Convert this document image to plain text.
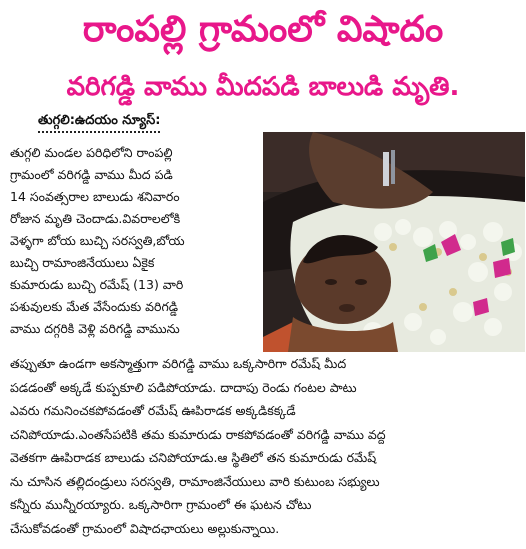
రాంపల్లి గ్రామంలో విషాదం
వరిగడ్డి వాము మీదపడి బాలుడి మృతి.
తుగ్గలి:ఉదయం న్యూస్:
తుగ్గలి మండల పరిధిలోని రాంపల్లి
గ్రామంలో వరిగడ్డి వాము మీద పడి
14 సంవత్సరాల బాలుడు శనివారం
రోజున మృతి చెందాడు.వివరాలలోకి
వెళ్ళగా బోయ బుచ్చి సరస్వతి,బోయ
బుచ్చి రామాంజినేయులు ఏకైక
కుమారుడు బుచ్చి రమేష్ (13) వారి
పశువులకు మేత వేసేందుకు వరిగడ్డి
వాము దగ్గరికి వెళ్లి వరిగడ్డి వామును
తప్పుతూ ఉండగా అకస్మాత్తుగా వరిగడ్డి వాము ఒక్కసారిగా రమేష్ మీద
పడడంతో అక్కడే కుప్పకూలి పడిపోయాడు. దాదాపు రెండు గంటల పాటు
ఎవరు గమనించకపోవడంతో రమేష్ ఊపిరాడక అక్కడికక్కడే
చనిపోయాడు.ఎంతసేపటికి తమ కుమారుడు రాకపోవడంతో వరిగడ్డి వాము వద్ద
వెతకగా ఊపిరాడక బాలుడు చనిపోయాడు.ఆ స్థితిలో తన కుమారుడు రమేష్
ను చూసిన తల్లిదండ్రులు సరస్వతి, రామాంజినేయులు వారి కుటుంబ సభ్యులు
కన్నీరు మున్నీరయ్యారు. ఒక్కసారిగా గ్రామంలో ఈ ఘటన చోటు
చేసుకోవడంతో గ్రామంలో విషాదఛాయలు అల్లుకున్నాయి.
